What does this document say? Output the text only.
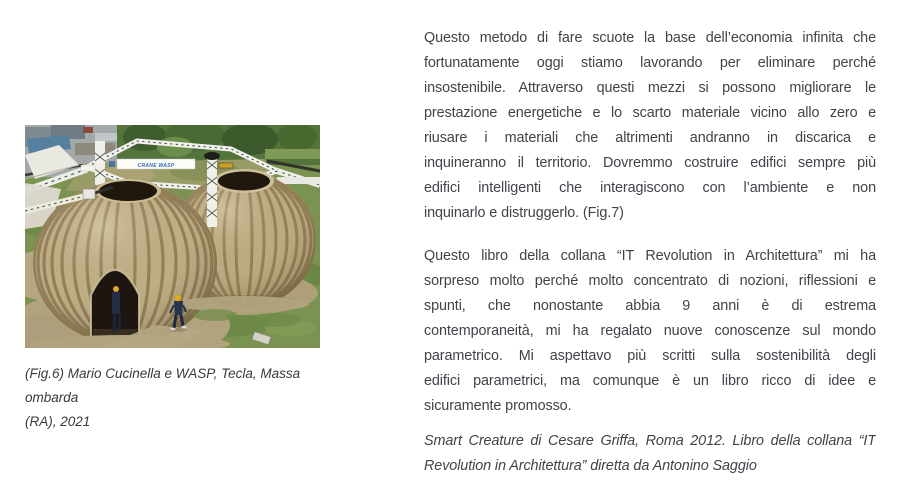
CRANE WASP
(Fig.6) Mario Cucinella e WASP, Tecla, Massa ombarda
(RA), 2021

Questo metodo di fare scuote la base dell’economia infinita che
fortunatamente oggi stiamo lavorando per eliminare perché
insostenibile. Attraverso questi mezzi si possono migliorare le
prestazione energetiche e lo scarto materiale vicino allo zero e
riusare i materiali che altrimenti andranno in discarica e
inquineranno il territorio. Dovremmo costruire edifici sempre più
edifici intelligenti che interagiscono con l’ambiente e non
inquinarlo e distruggerlo. (Fig.7)

Questo libro della collana “IT Revolution in Architettura” mi ha
sorpreso molto perché molto concentrato di nozioni, riflessioni e
spunti, che nonostante abbia 9 anni è di estrema
contemporaneità, mi ha regalato nuove conoscenze sul mondo
parametrico. Mi aspettavo più scritti sulla sostenibilità degli
edifici parametrici, ma comunque è un libro ricco di idee e
sicuramente promosso.

Smart Creature di Cesare Griffa, Roma 2012. Libro della collana “IT
Revolution in Architettura” diretta da Antonino Saggio
